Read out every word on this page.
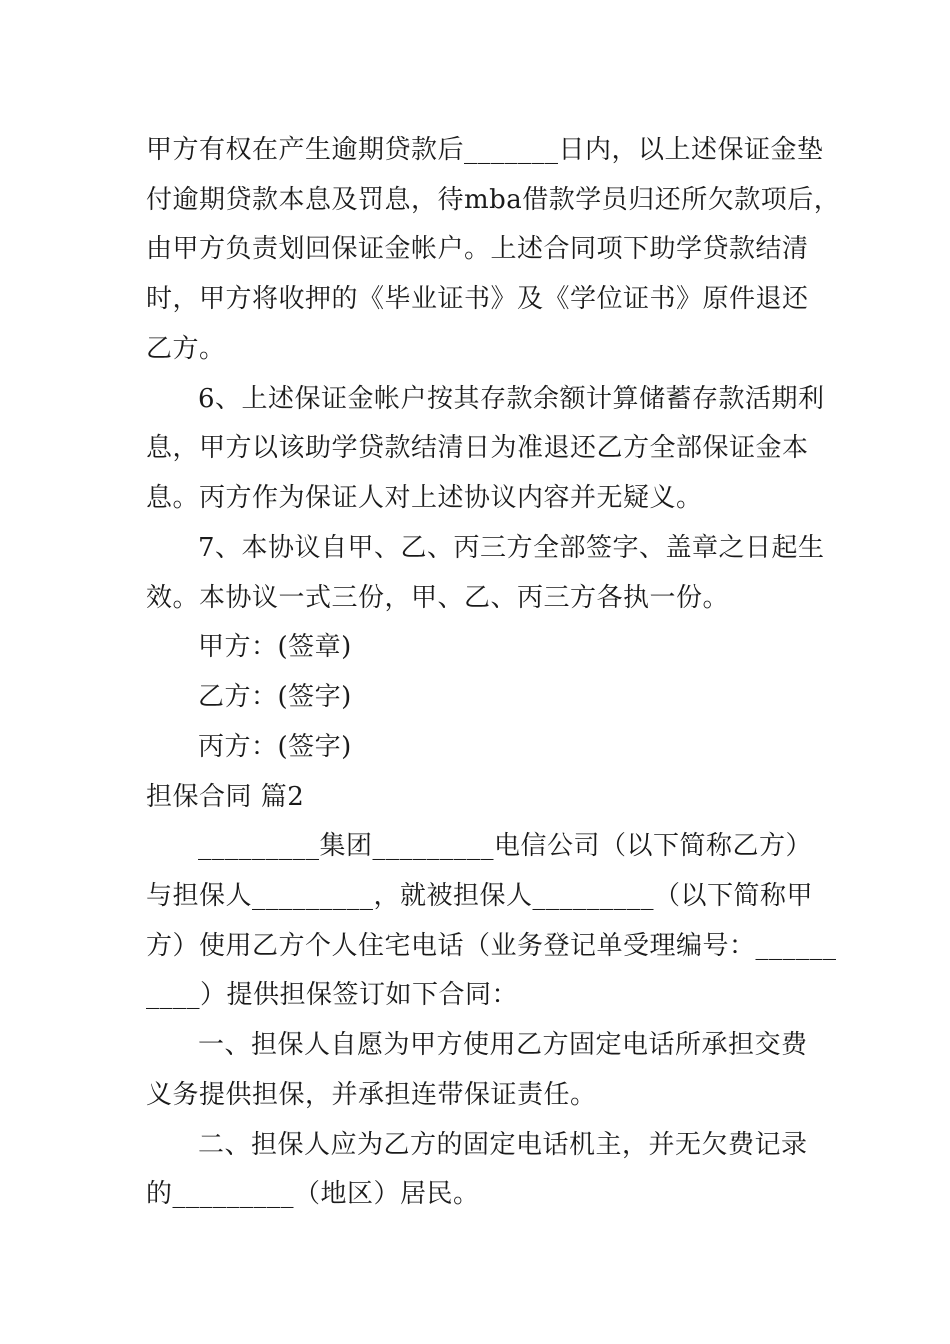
甲方有权在产生逾期贷款后_______日内，以上述保证金垫
付逾期贷款本息及罚息，待mba借款学员归还所欠款项后，
由甲方负责划回保证金帐户。上述合同项下助学贷款结清
时，甲方将收押的《毕业证书》及《学位证书》原件退还
乙方。
6、上述保证金帐户按其存款余额计算储蓄存款活期利
息，甲方以该助学贷款结清日为准退还乙方全部保证金本
息。丙方作为保证人对上述协议内容并无疑义。
7、本协议自甲、乙、丙三方全部签字、盖章之日起生
效。本协议一式三份，甲、乙、丙三方各执一份。
甲方：(签章)
乙方：(签字)
丙方：(签字)
担保合同 篇2
_________集团_________电信公司（以下简称乙方）
与担保人_________，就被担保人_________（以下简称甲
方）使用乙方个人住宅电话（业务登记单受理编号：______
____）提供担保签订如下合同：
一、担保人自愿为甲方使用乙方固定电话所承担交费
义务提供担保，并承担连带保证责任。
二、担保人应为乙方的固定电话机主，并无欠费记录
的_________（地区）居民。
